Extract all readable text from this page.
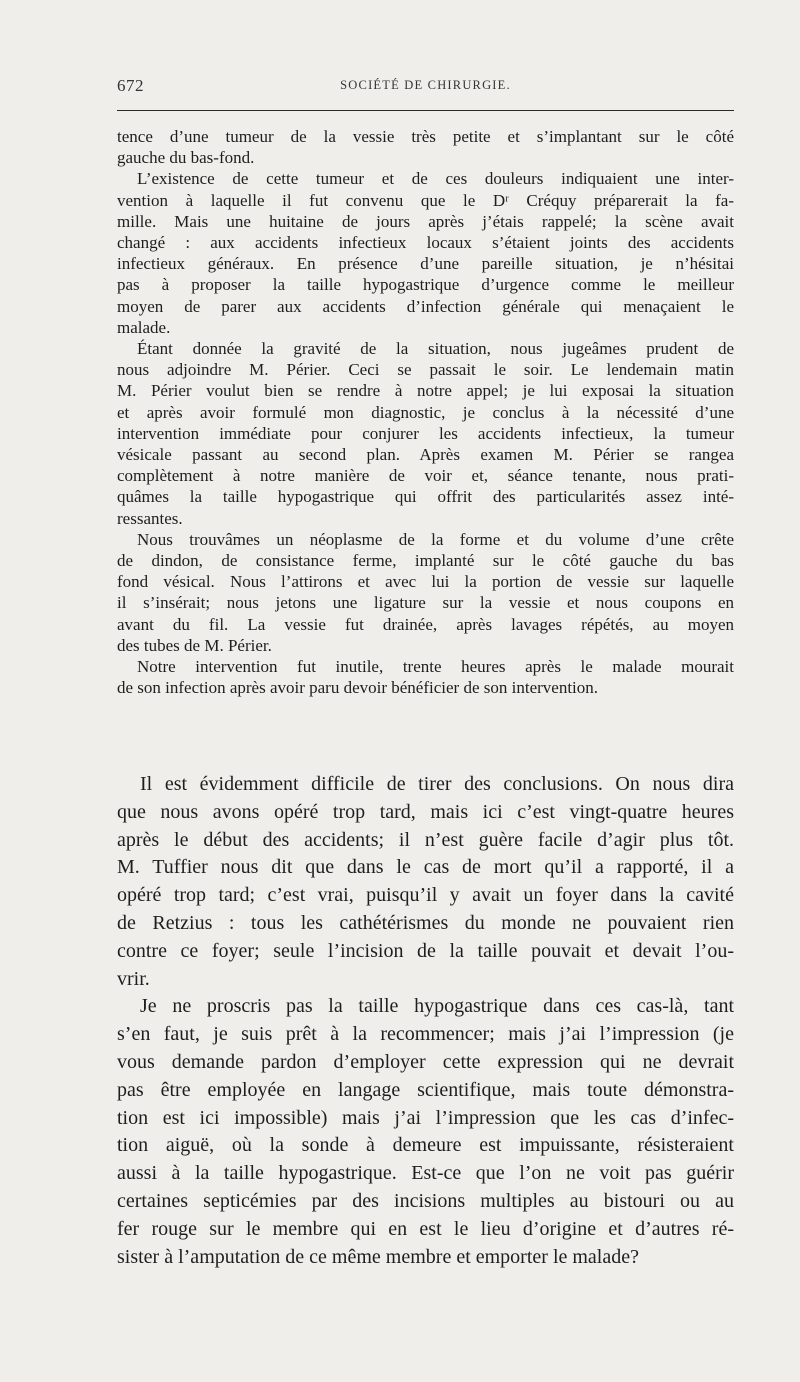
672	SOCIÉTÉ DE CHIRURGIE.

tence d’une tumeur de la vessie très petite et s’implantant sur le côté
gauche du bas-fond.

L’existence de cette tumeur et de ces douleurs indiquaient une inter-
vention à laquelle il fut convenu que le Dʳ Créquy préparerait la fa-
mille. Mais une huitaine de jours après j’étais rappelé; la scène avait
changé : aux accidents infectieux locaux s’étaient joints des accidents
infectieux généraux. En présence d’une pareille situation, je n’hésitai
pas à proposer la taille hypogastrique d’urgence comme le meilleur
moyen de parer aux accidents d’infection générale qui menaçaient le
malade.

Étant donnée la gravité de la situation, nous jugeâmes prudent de
nous adjoindre M. Périer. Ceci se passait le soir. Le lendemain matin
M. Périer voulut bien se rendre à notre appel; je lui exposai la situation
et après avoir formulé mon diagnostic, je conclus à la nécessité d’une
intervention immédiate pour conjurer les accidents infectieux, la tumeur
vésicale passant au second plan. Après examen M. Périer se rangea
complètement à notre manière de voir et, séance tenante, nous prati-
quâmes la taille hypogastrique qui offrit des particularités assez inté-
ressantes.

Nous trouvâmes un néoplasme de la forme et du volume d’une crête
de dindon, de consistance ferme, implanté sur le côté gauche du bas
fond vésical. Nous l’attirons et avec lui la portion de vessie sur laquelle
il s’insérait; nous jetons une ligature sur la vessie et nous coupons en
avant du fil. La vessie fut drainée, après lavages répétés, au moyen
des tubes de M. Périer.

Notre intervention fut inutile, trente heures après le malade mourait
de son infection après avoir paru devoir bénéficier de son intervention.

Il est évidemment difficile de tirer des conclusions. On nous dira
que nous avons opéré trop tard, mais ici c’est vingt-quatre heures
après le début des accidents; il n’est guère facile d’agir plus tôt.
M. Tuffier nous dit que dans le cas de mort qu’il a rapporté, il a
opéré trop tard; c’est vrai, puisqu’il y avait un foyer dans la cavité
de Retzius : tous les cathétérismes du monde ne pouvaient rien
contre ce foyer; seule l’incision de la taille pouvait et devait l’ou-
vrir.

Je ne proscris pas la taille hypogastrique dans ces cas-là, tant
s’en faut, je suis prêt à la recommencer; mais j’ai l’impression (je
vous demande pardon d’employer cette expression qui ne devrait
pas être employée en langage scientifique, mais toute démonstra-
tion est ici impossible) mais j’ai l’impression que les cas d’infec-
tion aiguë, où la sonde à demeure est impuissante, résisteraient
aussi à la taille hypogastrique. Est-ce que l’on ne voit pas guérir
certaines septicémies par des incisions multiples au bistouri ou au
fer rouge sur le membre qui en est le lieu d’origine et d’autres ré-
sister à l’amputation de ce même membre et emporter le malade?
